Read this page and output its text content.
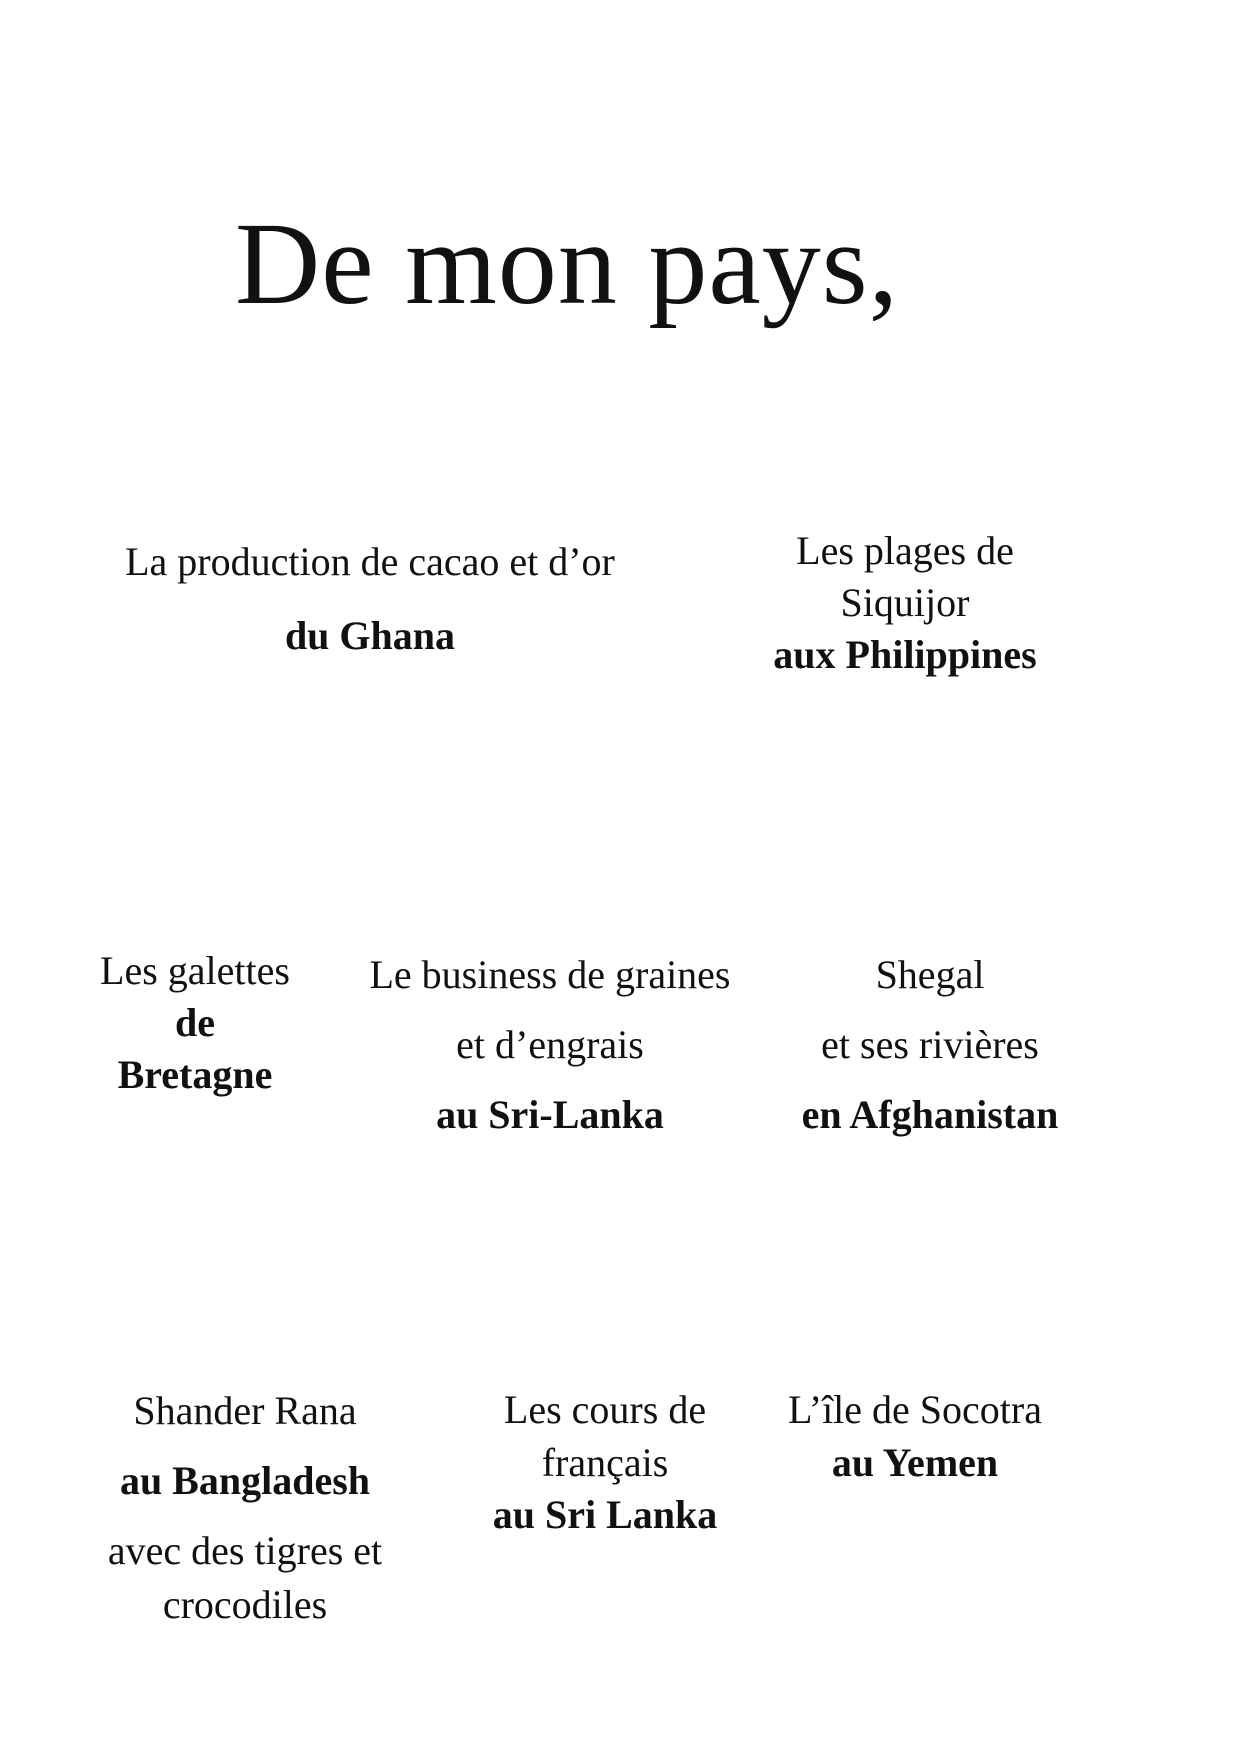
De mon pays,
La production de cacao et d’or
du Ghana
Les plages de
Siquijor
aux Philippines
Les galettes
de
Bretagne
Le business de graines
et d’engrais
au Sri-Lanka
Shegal
et ses rivières
en Afghanistan
Shander Rana
au Bangladesh
avec des tigres et
crocodiles
Les cours de
français
au Sri Lanka
L’île de Socotra
au Yemen
